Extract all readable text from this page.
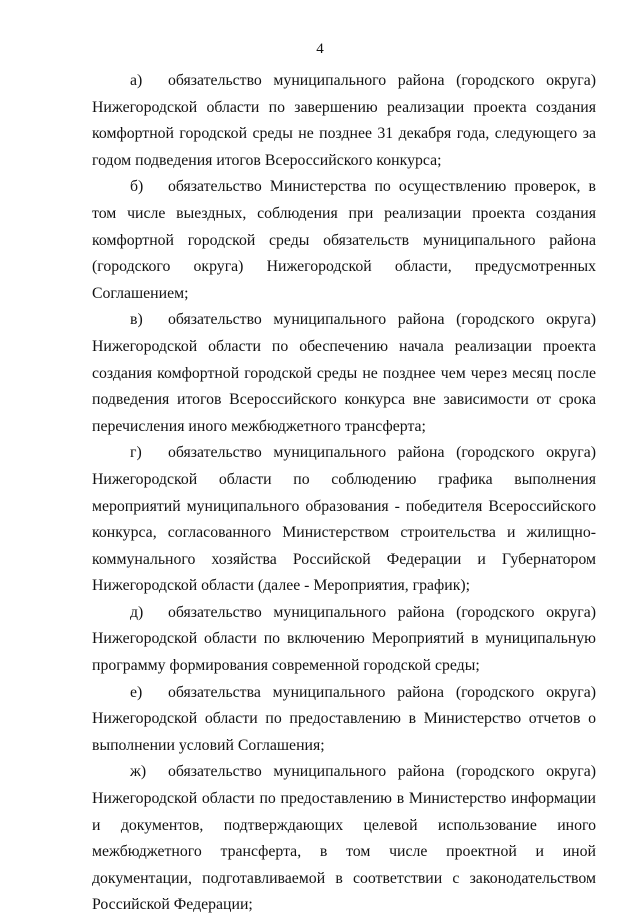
4

а) обязательство муниципального района (городского округа) Нижегородской области по завершению реализации проекта создания комфортной городской среды не позднее 31 декабря года, следующего за годом подведения итогов Всероссийского конкурса;

б) обязательство Министерства по осуществлению проверок, в том числе выездных, соблюдения при реализации проекта создания комфортной городской среды обязательств муниципального района (городского округа) Нижегородской области, предусмотренных Соглашением;

в) обязательство муниципального района (городского округа) Нижегородской области по обеспечению начала реализации проекта создания комфортной городской среды не позднее чем через месяц после подведения итогов Всероссийского конкурса вне зависимости от срока перечисления иного межбюджетного трансферта;

г) обязательство муниципального района (городского округа) Нижегородской области по соблюдению графика выполнения мероприятий муниципального образования - победителя Всероссийского конкурса, согласованного Министерством строительства и жилищно-коммунального хозяйства Российской Федерации и Губернатором Нижегородской области (далее - Мероприятия, график);

д) обязательство муниципального района (городского округа) Нижегородской области по включению Мероприятий в муниципальную программу формирования современной городской среды;

е) обязательства муниципального района (городского округа) Нижегородской области по предоставлению в Министерство отчетов о выполнении условий Соглашения;

ж) обязательство муниципального района (городского округа) Нижегородской области по предоставлению в Министерство информации и документов, подтверждающих целевой использование иного межбюджетного трансферта, в том числе проектной и иной документации, подготавливаемой в соответствии с законодательством Российской Федерации;
